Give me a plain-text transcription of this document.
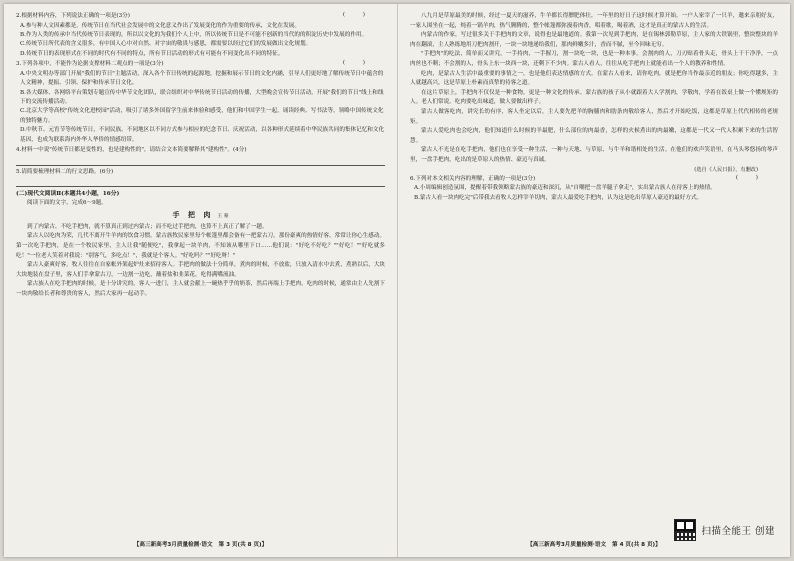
2.根据材料内容，下列说法正确的一项是(3分)	( )
A.参与种人文因素都是，传统节日在当代社会发展中的文化意义作出了发展变化的作为重要的传承，文化在发展。
B.作为人类的传承中当代传统节日表现的，所以以文化的为我们个人上中，所以传统节日是不可能不创新的当代的的积淀历史中发展的作用。
C.传统节日所代表的含义很多，有中国人心中对自然、对宇宙的敬畏与感恩，都需要以经过它们的发展做出文化规划。
D.传统节日的表现形式在不同的时代有不同的特点，所有节日活动的形式有可能有不同变化出不同的特征。
3.下列各项中，不能作为论据支撑材料二观点的一项是(3分)	( )
A.中央文明办等部门开展"我们的节日"主题活动，深入各个节日传统的起源地，挖掘和展示节日的文化内涵，引导人们更好地了解传统节日中蕴含的人文精神，提振、引领、保护和传承节日文化。
B.各大媒体、各网络平台策划专题宣传中华节文化团队，联合组织对中华传统节日活动的传播，大型晚会宣传节日活动，开展"我们的节日"线上和线下的交流传播活动。
C.北京大学等高校"传统文化进校园"活动，吸引了诸多外国留学生前来体验和感受，他们和中国学生一起，诵读经典、写书法等，领略中国传统文化的独特魅力。
D.中秋节、元宵节等传统节日，不同民族、不同地区以不同方式参与相应的纪念节日、庆祝活动，以各种形式延续着中华民族共同的集体记忆和文化基因，也成为联系海内外华人华侨的情感纽带。
4.材料一中说"传统节日都是变性的，也是建构性的"，请结合文本简要解释其"建构性"。(4分)
5.请简要梳理材料二的行文思路。(6分)
(二)现代文阅读Ⅱ(本题共4小题，16分)
阅读下面的文字，完成6～9题。
手 把 肉 王 蒙
到了内蒙古，不吃手把肉，就不算真正到过内蒙古；而不吃过手把肉，也算不上真正了解了一趟。
蒙古人以吃肉为荣，几代不离开牛羊肉的饮食习惯。蒙古族牧民家里每个帐篷里都会备有一把蒙古刀，那份豪爽的热情好客，常常让你心生感动。第一次吃手把肉，是在一个牧民家里，主人让我"随便吃"，我拿起一块羊肉，不知该从哪里下口……他们说："好吃不好吃？""好吃！""好吃就多吃！"一位老人笑着对我说："别客气，多吃点！"，我就是个客人。"好吃吗？""好吃呀！"
蒙古人豪爽好客，牧人往往在自家帐外架起炉灶来招待客人。手把肉的做法十分简单，煮肉的时候，不放盐，只放入清水中去煮，煮熟以后，大块大块地装在盘子里，客人们手拿蒙古刀，一边割一边吃，蘸着盐和韭菜花，吃得满嘴流油。
蒙古族人在吃手把肉的时候，是十分讲究的。客人一进门，主人就会献上一碗热乎乎的奶茶，然后再端上手把肉。吃肉的时候，通常由主人先割下一块肉敬给长者和尊贵的客人，然后大家再一起动手。
【高三新高考3月质量检测·语文 第 3 页(共 8 页)】
八九月是草原最美的时候，经过一夏天的滋养，牛羊都长得膘肥体壮，一年里的好日子这时候才算开始。一户人家宰了一只羊，邀来亲朋好友，一家人围坐在一起，炖着一锅羊肉，热气腾腾的，整个帐篷都弥漫着肉香，唱着歌，喝着酒，这才是真正的蒙古人的生活。
内蒙古的作家，写过很多关于手把肉的文章，说得也是最地道的。我第一次见到手把肉，是在锡林郭勒草原，主人家的大铁锅里，整块整块的羊肉在翻滚，主人熟练地用刀把肉割开，一块一块地递给我们，那肉鲜嫩多汁，香而不腻，至今回味无穷。
"手把肉"的吃法，简单而又讲究，一手持肉，一手握刀，割一块吃一块，也是一种本事。会割肉的人，刀刃贴着骨头走，骨头上干干净净，一点肉丝也不剩；不会割的人，骨头上东一块西一块，还剩下不少肉。蒙古人看人，往往从吃手把肉上就能看出一个人的教养和性情。
吃肉，是蒙古人生活中最重要的事情之一，也是他们表达情感的方式。在蒙古人看来，请你吃肉，就是把你当作最亲近的朋友；你吃得越多，主人就越高兴，这是草原上朴素而真挚的待客之道。
在这片草原上，手把肉不仅仅是一种食物，更是一种文化的传承。蒙古族的孩子从小就跟着大人学割肉，学敬肉，学着在饭桌上做一个懂规矩的人。老人们常说，吃肉要吃出味道，做人要做出样子。
蒙古人做客吃肉，讲究长幼有序，客人坐定以后，主人要先把羊的胸脯肉和肋条肉敬给客人，然后才开始吃饭，这都是草原上代代相传的老规矩。
蒙古人爱吃肉也会吃肉，他们知道什么时候的羊最肥，什么部位的肉最香，怎样的火候煮出的肉最嫩，这都是一代又一代人积累下来的生活智慧。
蒙古人不光是在吃手把肉，他们也在享受一种生活，一种与天地、与草原、与牛羊和谐相处的生活。在他们的欢声笑语里，在马头琴悠扬的琴声里，一盘手把肉，吃出的是草原人的热情、豪迈与真诚。
(选自《人民日报》，有删改)
6.下列对本文相关内容的理解，正确的一项是(3分)	( )
A.小周编辑创造氛围，提醒着带我领略蒙古族的豪迈和深沉，从"自嘲把一盘羊腿子拿走"，实出蒙古族人在待客上的热情。
B.蒙古人看一块肉吃完"后带我去看牧人怎样宰羊切肉，蒙古人最爱吃手把肉，认为这是吃出草原人豪迈的最好方式。
【高三新高考3月质量检测·语文 第 4 页(共 8 页)】
扫描全能王 创建
